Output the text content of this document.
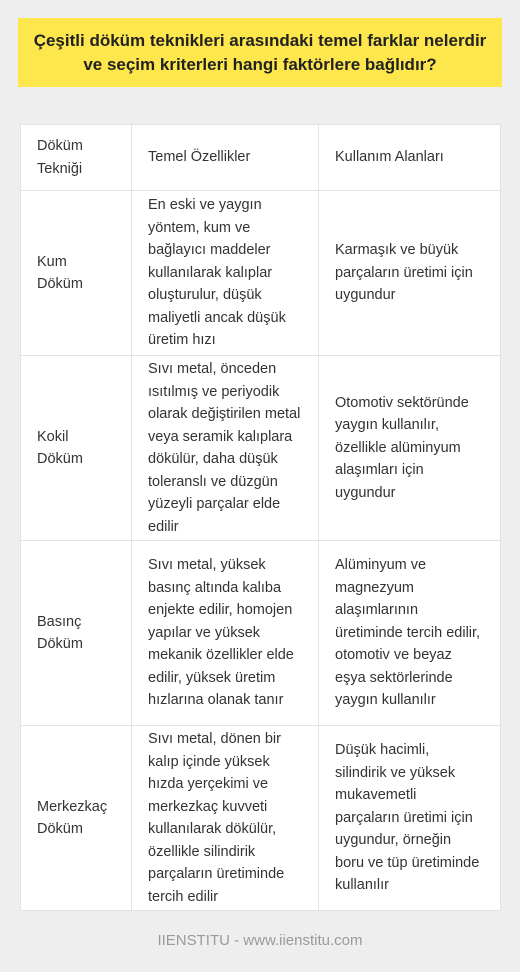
Çeşitli döküm teknikleri arasındaki temel farklar nelerdir
ve seçim kriterleri hangi faktörlere bağlıdır?
Döküm Tekniği	Temel Özellikler	Kullanım Alanları
Kum Döküm	En eski ve yaygın yöntem, kum ve bağlayıcı maddeler kullanılarak kalıplar oluşturulur, düşük maliyetli ancak düşük üretim hızı	Karmaşık ve büyük parçaların üretimi için uygundur
Kokil Döküm	Sıvı metal, önceden ısıtılmış ve periyodik olarak değiştirilen metal veya seramik kalıplara dökülür, daha düşük toleranslı ve düzgün yüzeyli parçalar elde edilir	Otomotiv sektöründe yaygın kullanılır, özellikle alüminyum alaşımları için uygundur
Basınç Döküm	Sıvı metal, yüksek basınç altında kalıba enjekte edilir, homojen yapılar ve yüksek mekanik özellikler elde edilir, yüksek üretim hızlarına olanak tanır	Alüminyum ve magnezyum alaşımlarının üretiminde tercih edilir, otomotiv ve beyaz eşya sektörlerinde yaygın kullanılır
Merkezkaç Döküm	Sıvı metal, dönen bir kalıp içinde yüksek hızda yerçekimi ve merkezkaç kuvveti kullanılarak dökülür, özellikle silindirik parçaların üretiminde tercih edilir	Düşük hacimli, silindirik ve yüksek mukavemetli parçaların üretimi için uygundur, örneğin boru ve tüp üretiminde kullanılır
IIENSTITU - www.iienstitu.com
